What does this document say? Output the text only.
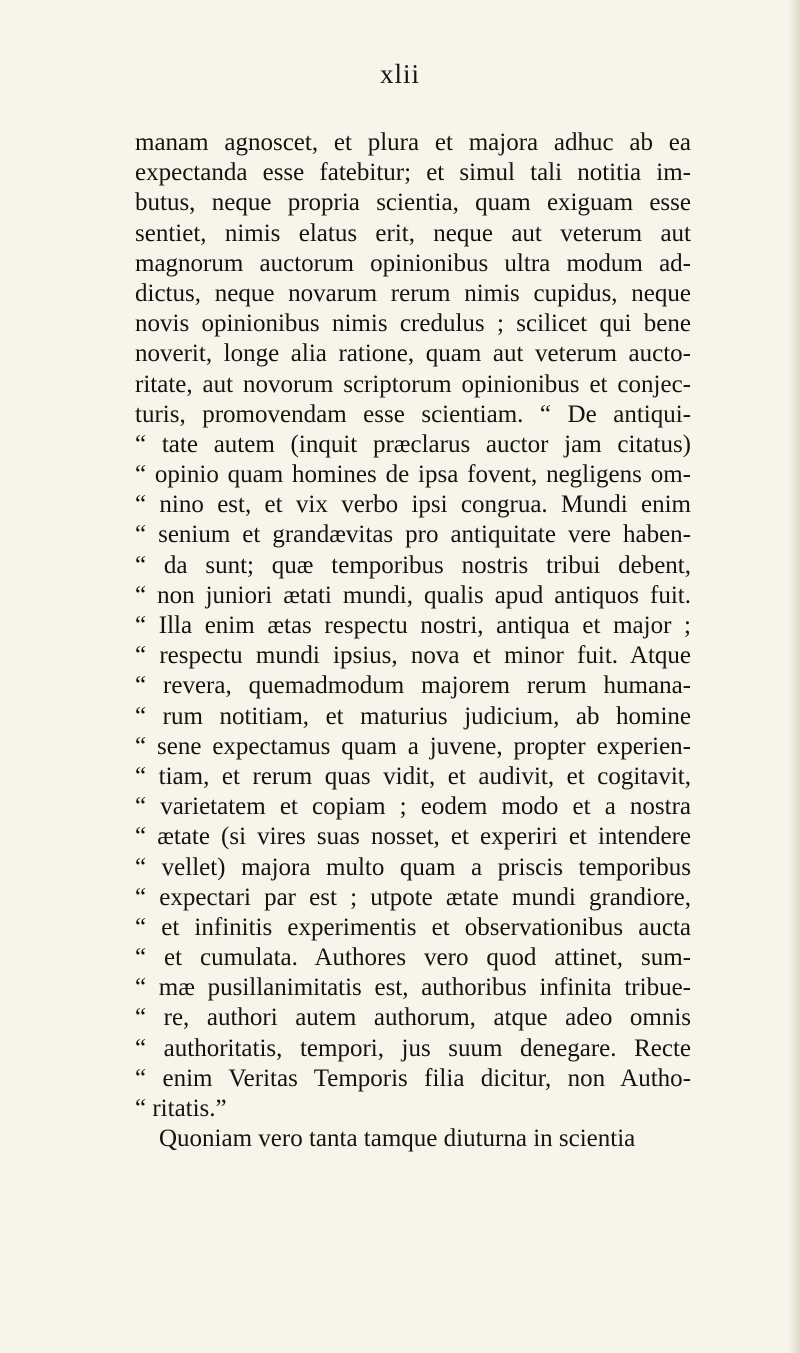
xlii
manam agnoscet, et plura et majora adhuc ab ea
expectanda esse fatebitur; et simul tali notitia im-
butus, neque propria scientia, quam exiguam esse
sentiet, nimis elatus erit, neque aut veterum aut
magnorum auctorum opinionibus ultra modum ad-
dictus, neque novarum rerum nimis cupidus, neque
novis opinionibus nimis credulus ; scilicet qui bene
noverit, longe alia ratione, quam aut veterum aucto-
ritate, aut novorum scriptorum opinionibus et conjec-
turis, promovendam esse scientiam. “ De antiqui-
“ tate autem (inquit præclarus auctor jam citatus)
“ opinio quam homines de ipsa fovent, negligens om-
“ nino est, et vix verbo ipsi congrua. Mundi enim
“ senium et grandævitas pro antiquitate vere haben-
“ da sunt; quæ temporibus nostris tribui debent,
“ non juniori ætati mundi, qualis apud antiquos fuit.
“ Illa enim ætas respectu nostri, antiqua et major ;
“ respectu mundi ipsius, nova et minor fuit. Atque
“ revera, quemadmodum majorem rerum humana-
“ rum notitiam, et maturius judicium, ab homine
“ sene expectamus quam a juvene, propter experien-
“ tiam, et rerum quas vidit, et audivit, et cogitavit,
“ varietatem et copiam ; eodem modo et a nostra
“ ætate (si vires suas nosset, et experiri et intendere
“ vellet) majora multo quam a priscis temporibus
“ expectari par est ; utpote ætate mundi grandiore,
“ et infinitis experimentis et observationibus aucta
“ et cumulata. Authores vero quod attinet, sum-
“ mæ pusillanimitatis est, authoribus infinita tribue-
“ re, authori autem authorum, atque adeo omnis
“ authoritatis, tempori, jus suum denegare. Recte
“ enim Veritas Temporis filia dicitur, non Autho-
“ ritatis.”
Quoniam vero tanta tamque diuturna in scientia
